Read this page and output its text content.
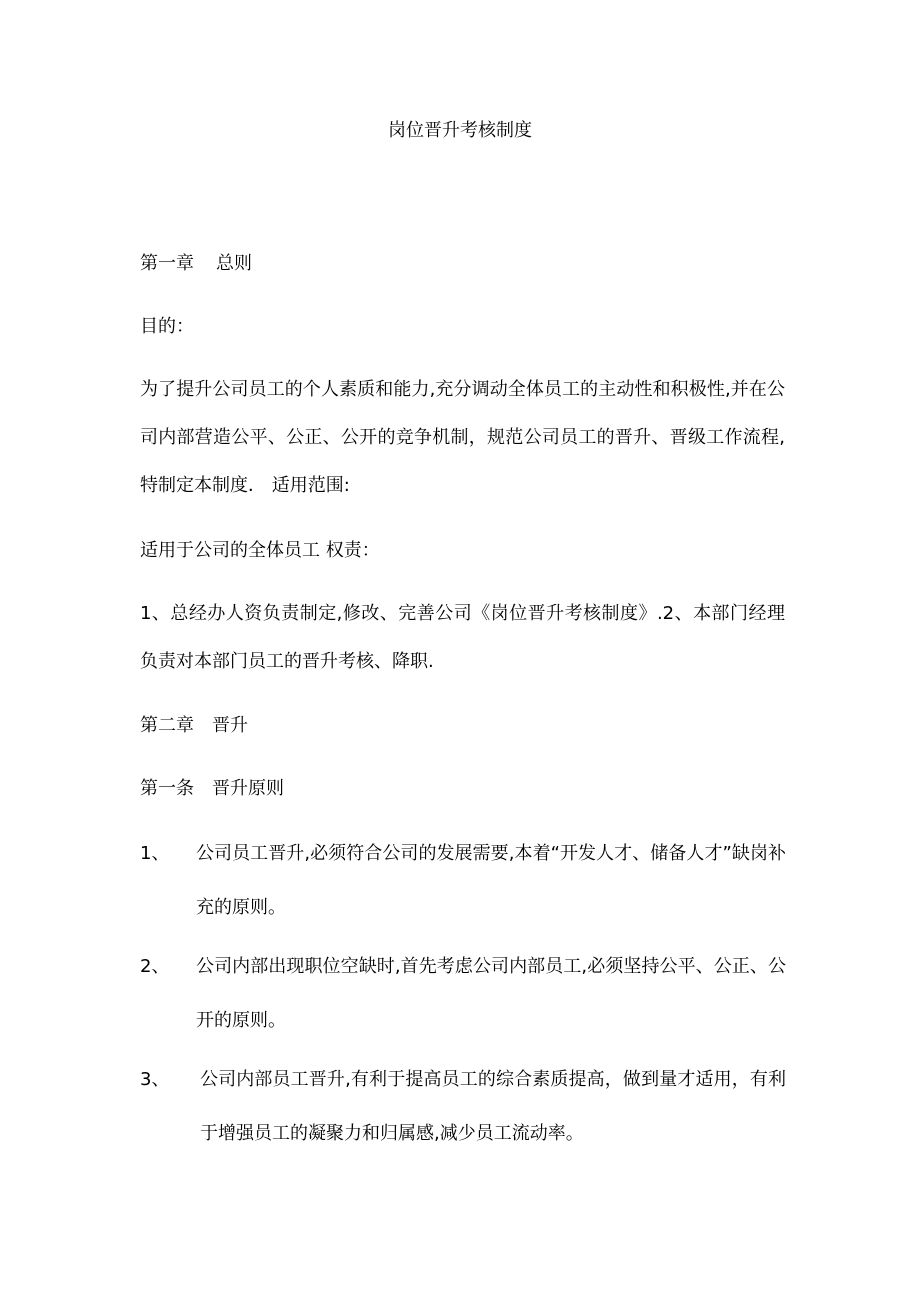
岗位晋升考核制度
第一章 总则
目的：
为了提升公司员工的个人素质和能力,充分调动全体员工的主动性和积极性,并在公司内部营造公平、公正、公开的竞争机制，规范公司员工的晋升、晋级工作流程,特制定本制度． 适用范围:
适用于公司的全体员工 权责：
1、总经办人资负责制定,修改、完善公司《岗位晋升考核制度》.2、本部门经理负责对本部门员工的晋升考核、降职.
第二章 晋升
第一条 晋升原则
1、 公司员工晋升,必须符合公司的发展需要,本着“开发人才、储备人才”缺岗补充的原则。
2、 公司内部出现职位空缺时,首先考虑公司内部员工,必须坚持公平、公正、公开的原则。
3、 公司内部员工晋升,有利于提高员工的综合素质提高，做到量才适用，有利于增强员工的凝聚力和归属感,减少员工流动率。
